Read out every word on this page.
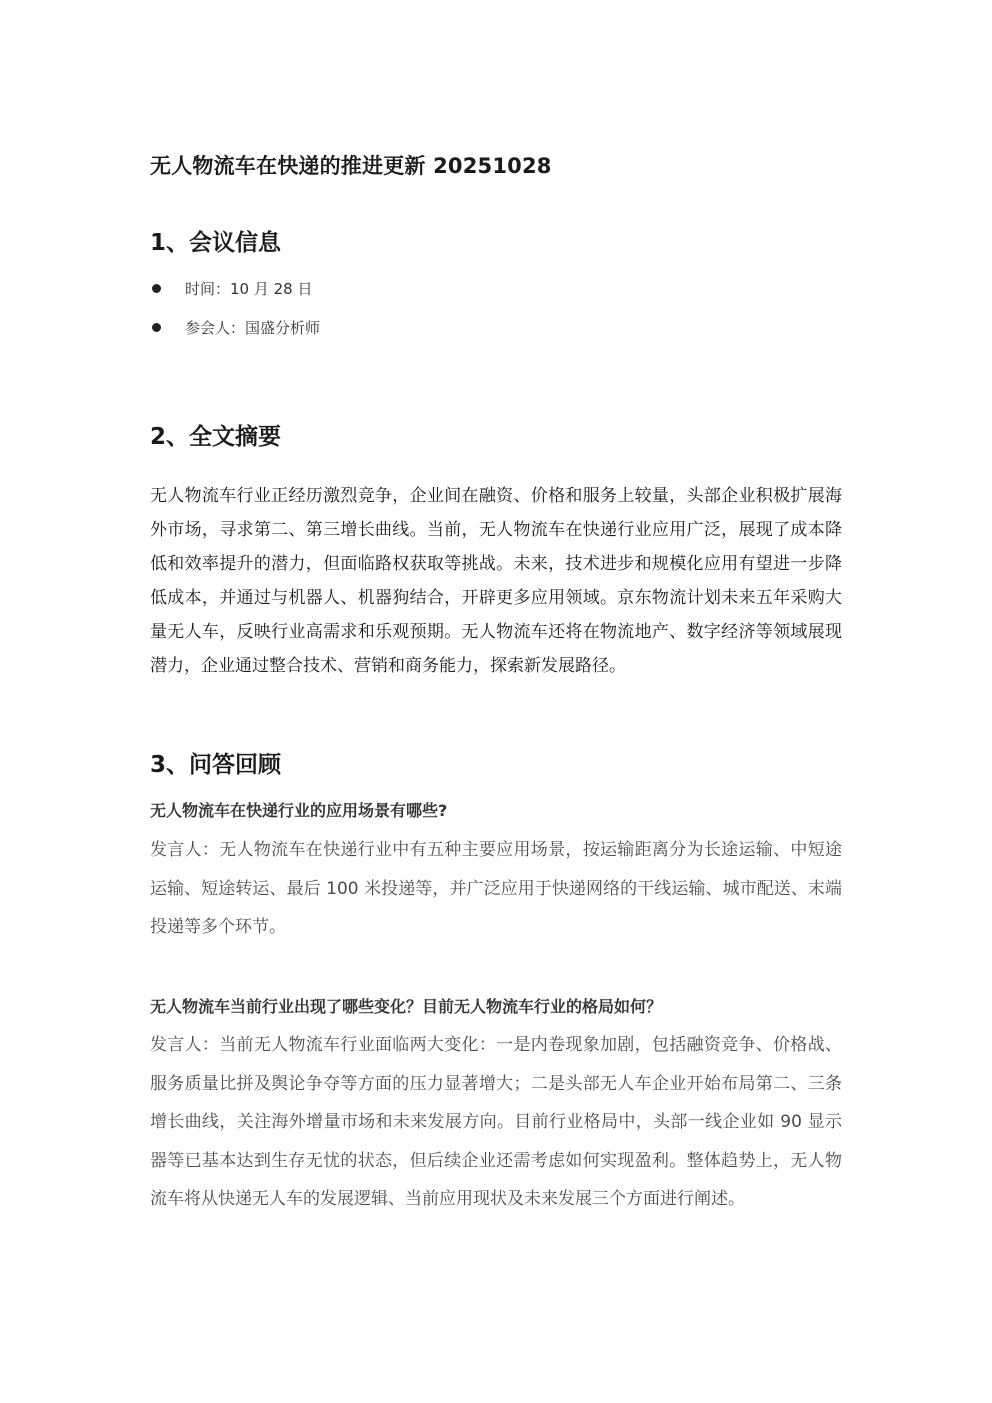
无人物流车在快递的推进更新 20251028
1、会议信息
时间：10 月 28 日
参会人：国盛分析师
2、全文摘要
无人物流车行业正经历激烈竞争，企业间在融资、价格和服务上较量，头部企业积极扩展海外市场，寻求第二、第三增长曲线。当前，无人物流车在快递行业应用广泛，展现了成本降低和效率提升的潜力，但面临路权获取等挑战。未来，技术进步和规模化应用有望进一步降低成本，并通过与机器人、机器狗结合，开辟更多应用领域。京东物流计划未来五年采购大量无人车，反映行业高需求和乐观预期。无人物流车还将在物流地产、数字经济等领域展现潜力，企业通过整合技术、营销和商务能力，探索新发展路径。
3、问答回顾
无人物流车在快递行业的应用场景有哪些?
发言人：无人物流车在快递行业中有五种主要应用场景，按运输距离分为长途运输、中短途运输、短途转运、最后 100 米投递等，并广泛应用于快递网络的干线运输、城市配送、末端投递等多个环节。
无人物流车当前行业出现了哪些变化？目前无人物流车行业的格局如何？
发言人：当前无人物流车行业面临两大变化：一是内卷现象加剧，包括融资竞争、价格战、服务质量比拼及舆论争夺等方面的压力显著增大；二是头部无人车企业开始布局第二、三条增长曲线，关注海外增量市场和未来发展方向。目前行业格局中，头部一线企业如 90 显示器等已基本达到生存无忧的状态，但后续企业还需考虑如何实现盈利。整体趋势上，无人物流车将从快递无人车的发展逻辑、当前应用现状及未来发展三个方面进行阐述。
